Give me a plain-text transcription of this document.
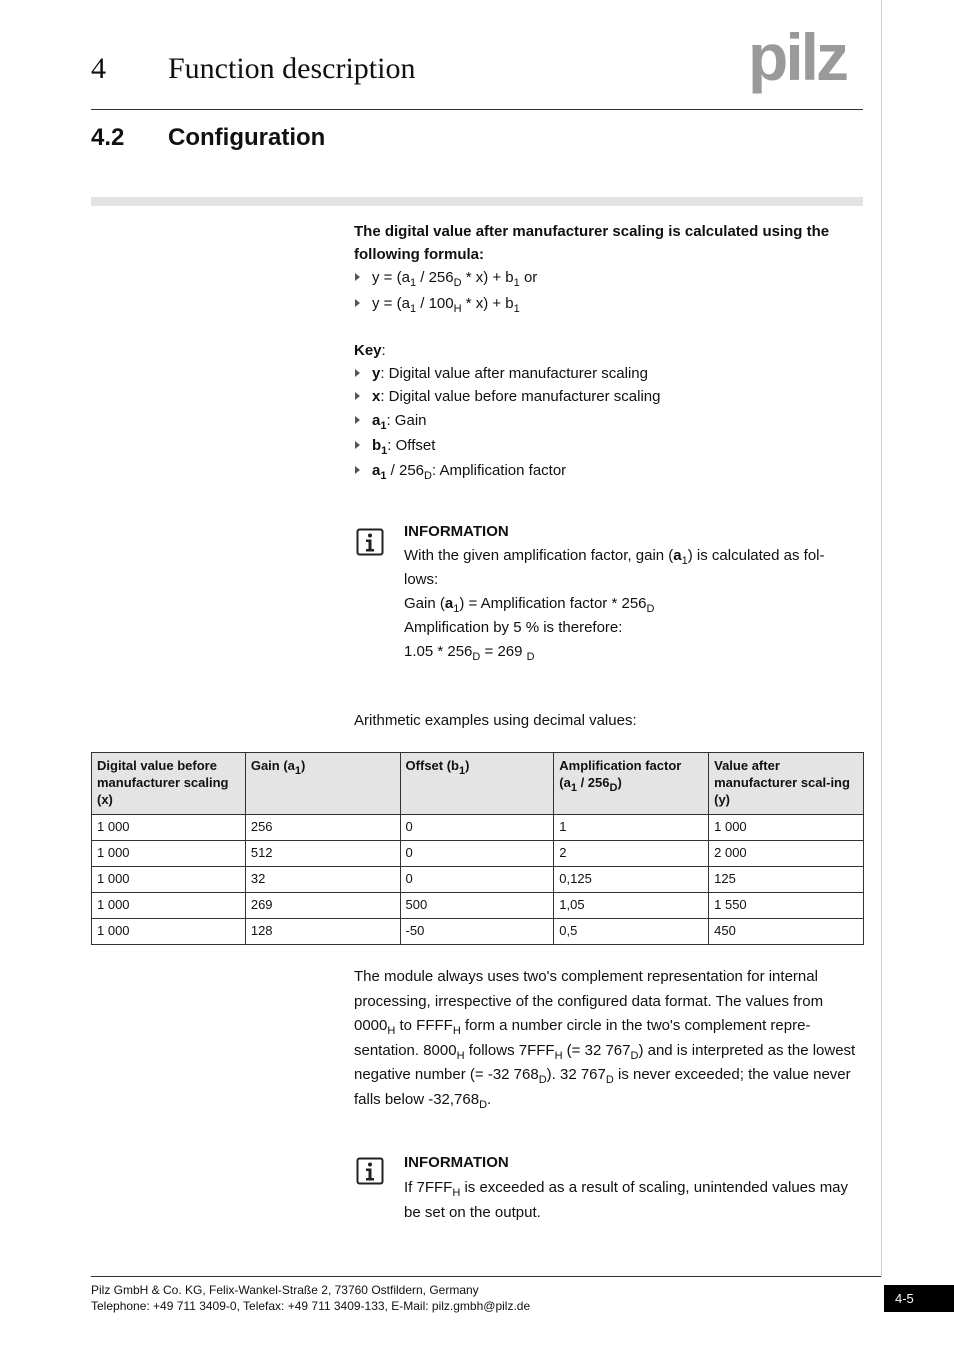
4 Function description	pilz
4.2 Configuration
The digital value after manufacturer scaling is calculated using the following formula:

$y = (a_1 / 256_D * x) + b_1$ or

$y = (a_1 / 100_H * x) + b_1$

Key:

y: Digital value after manufacturer scaling

x: Digital value before manufacturer scaling

$a_1$: Gain

$b_1$: Offset

$a_1 / 256_D$: Amplification factor

INFORMATION
With the given amplification factor, gain $(a_1)$ is calculated as fol-
lows:
Gain $(a_1)$ = Amplification factor * $256_D$
Amplification by 5 % is therefore:
$1.05 * 256_D = 269$ $_D$
Arithmetic examples using decimal values:
Digital value before manufacturer scaling (x)	Gain $(a_1)$	Offset $(b_1)$	Amplification factor
$(a_1 / 256_D)$	Value after manufacturer scal-ing (y)
1 000	256	0	1	1 000
1 000	512	0	2	2 000
1 000	32	0	0,125	125
1 000	269	500	1,05	1 550
1 000	128	-50	0,5	450
The module always uses two's complement representation for internal processing, irrespective of the configured data format. The values from $0000_H$ to $FFFF_H$ form a number circle in the two's complement repre-sentation. $8000_H$ follows $7FFF_H$ (= 32 $767_D$) and is interpreted as the lowest negative number (= -32 $768_D$). 32 $767_D$ is never exceeded; the value never falls below $-32,768_D$.
INFORMATION
If $7FFF_H$ is exceeded as a result of scaling, unintended values may be set on the output.
Pilz GmbH & Co. KG, Felix-Wankel-Straße 2, 73760 Ostfildern, Germany
Telephone: +49 711 3409-0, Telefax: +49 711 3409-133, E-Mail: pilz.gmbh@pilz.de	4-5
